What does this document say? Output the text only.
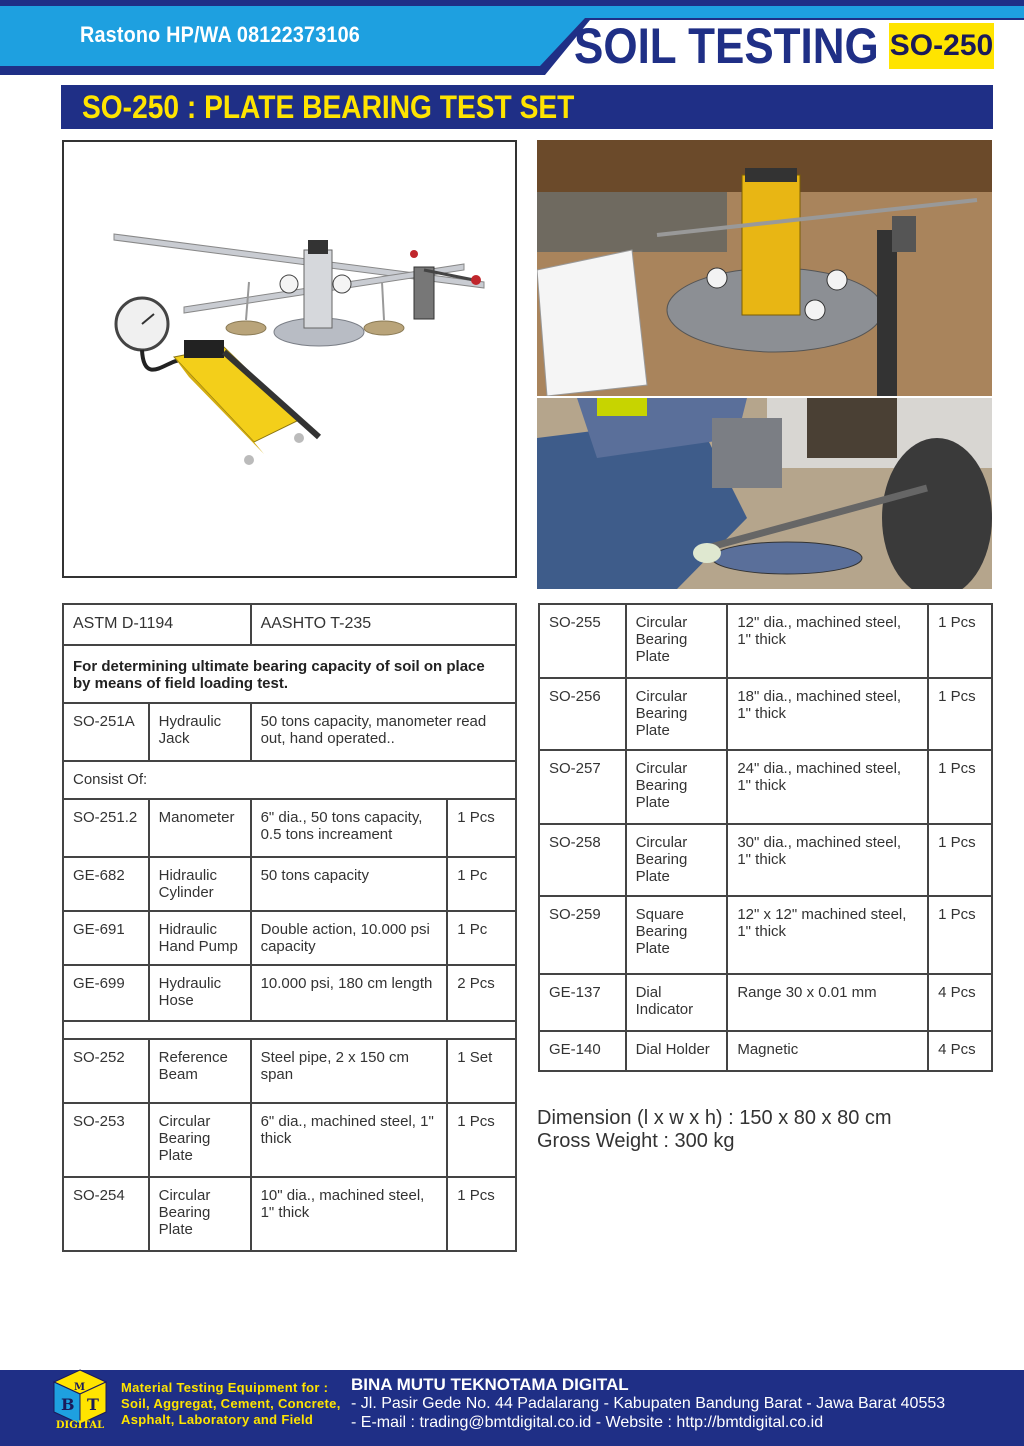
Rastono HP/WA 08122373106	SOIL TESTING SO-250
SO-250 : PLATE BEARING TEST SET
ASTM D-1194		AASHTO T-235	
For determining ultimate bearing capacity of soil on place by means of field loading test.			
SO-251A	Hydraulic Jack	50 tons capacity, manometer read out, hand operated..	
Consist Of:			
SO-251.2	Manometer	6" dia., 50 tons capacity, 0.5 tons increament	1 Pcs
GE-682	Hidraulic Cylinder	50 tons capacity	1 Pc
GE-691	Hidraulic Hand Pump	Double action, 10.000 psi capacity	1 Pc
GE-699	Hydraulic Hose	10.000 psi, 180 cm length	2 Pcs

SO-252	Reference Beam	Steel pipe, 2 x 150 cm span	1 Set
SO-253	Circular Bearing Plate	6" dia., machined steel, 1" thick	1 Pcs
SO-254	Circular Bearing Plate	10" dia., machined steel, 1" thick	1 Pcs
SO-255	Circular Bearing Plate	12" dia., machined steel, 1" thick	1 Pcs
SO-256	Circular Bearing Plate	18" dia., machined steel, 1" thick	1 Pcs
SO-257	Circular Bearing Plate	24" dia., machined steel, 1" thick	1 Pcs
SO-258	Circular Bearing Plate	30" dia., machined steel, 1" thick	1 Pcs
SO-259	Square Bearing Plate	12" x 12" machined steel, 1" thick	1 Pcs
GE-137	Dial Indicator	Range 30 x 0.01 mm	4 Pcs
GE-140	Dial Holder	Magnetic	4 Pcs
Dimension (l x w x h) : 150 x 80 x 80 cm
Gross Weight : 300 kg
B T
M
DIGITAL
Material Testing Equipment for :
Soil, Aggregat, Cement, Concrete,
Asphalt, Laboratory and Field
BINA MUTU TEKNOTAMA DIGITAL
- Jl. Pasir Gede No. 44 Padalarang - Kabupaten Bandung Barat - Jawa Barat 40553
- E-mail : trading@bmtdigital.co.id - Website : http://bmtdigital.co.id
